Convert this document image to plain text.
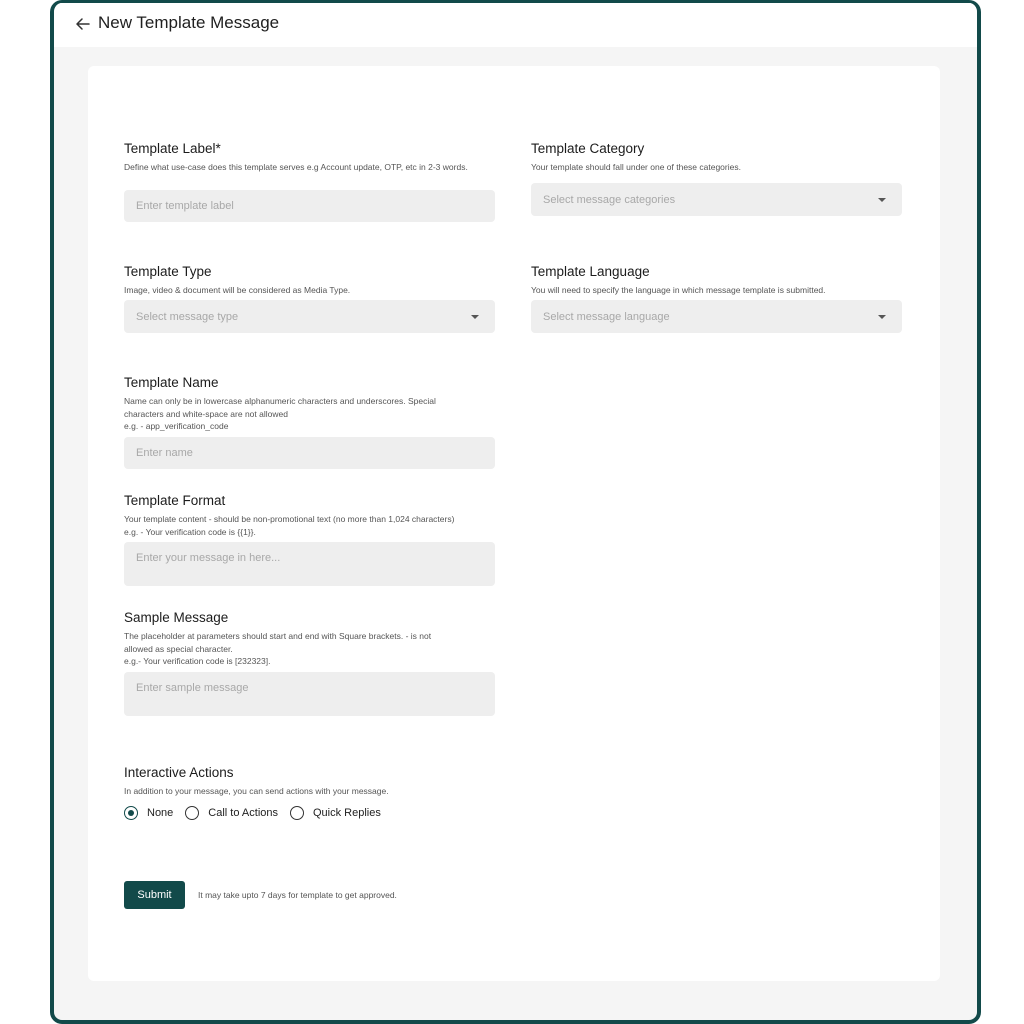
New Template Message
Template Label*
Define what use-case does this template serves e.g Account update, OTP, etc in 2-3 words.
Enter template label
Template Category
Your template should fall under one of these categories.
Select message categories
Template Type
Image, video & document will be considered as Media Type.
Select message type
Template Language
You will need to specify the language in which message template is submitted.
Select message language
Template Name
Name can only be in lowercase alphanumeric characters and underscores. Special
characters and white-space are not allowed
e.g. - app_verification_code
Enter name
Template Format
Your template content - should be non-promotional text (no more than 1,024 characters)
e.g. - Your verification code is {{1}}.
Enter your message in here...
Sample Message
The placeholder at parameters should start and end with Square brackets. - is not
allowed as special character.
e.g.- Your verification code is [232323].
Enter sample message
Interactive Actions
In addition to your message, you can send actions with your message.
None	Call to Actions	Quick Replies
Submit	It may take upto 7 days for template to get approved.
